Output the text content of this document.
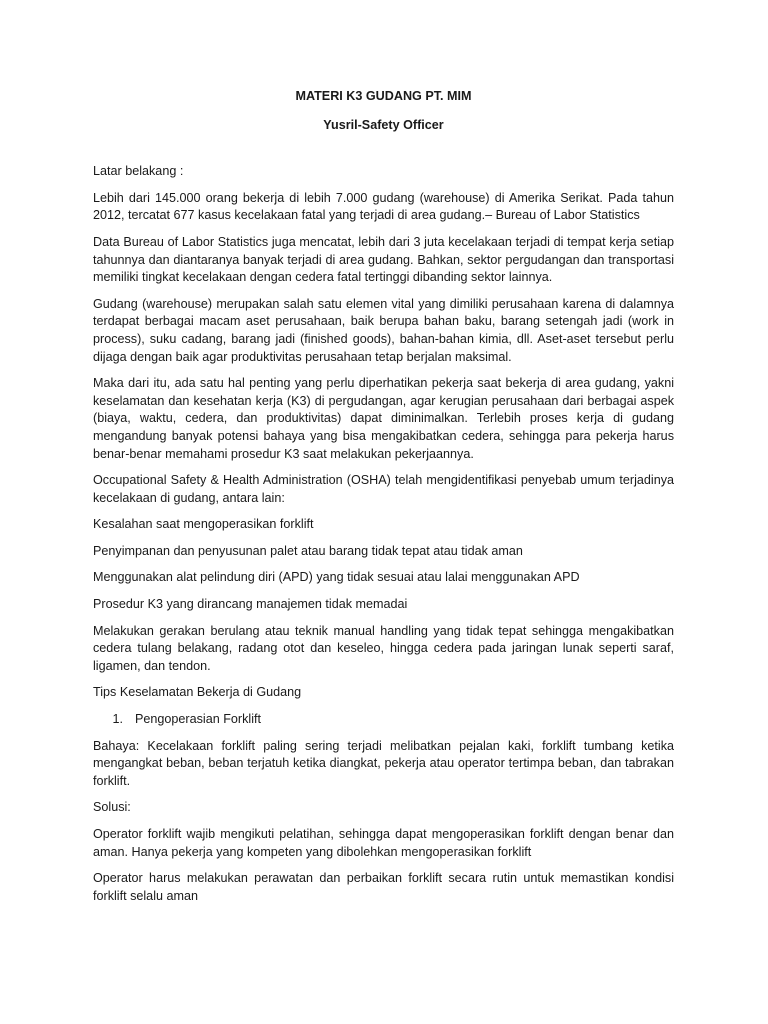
MATERI K3 GUDANG PT. MIM

Yusril-Safety Officer

Latar belakang :

Lebih dari 145.000 orang bekerja di lebih 7.000 gudang (warehouse) di Amerika Serikat. Pada tahun 2012, tercatat 677 kasus kecelakaan fatal yang terjadi di area gudang.– Bureau of Labor Statistics

Data Bureau of Labor Statistics juga mencatat, lebih dari 3 juta kecelakaan terjadi di tempat kerja setiap tahunnya dan diantaranya banyak terjadi di area gudang. Bahkan, sektor pergudangan dan transportasi memiliki tingkat kecelakaan dengan cedera fatal tertinggi dibanding sektor lainnya.

Gudang (warehouse) merupakan salah satu elemen vital yang dimiliki perusahaan karena di dalamnya terdapat berbagai macam aset perusahaan, baik berupa bahan baku, barang setengah jadi (work in process), suku cadang, barang jadi (finished goods), bahan-bahan kimia, dll. Aset-aset tersebut perlu dijaga dengan baik agar produktivitas perusahaan tetap berjalan maksimal.

Maka dari itu, ada satu hal penting yang perlu diperhatikan pekerja saat bekerja di area gudang, yakni keselamatan dan kesehatan kerja (K3) di pergudangan, agar kerugian perusahaan dari berbagai aspek (biaya, waktu, cedera, dan produktivitas) dapat diminimalkan. Terlebih proses kerja di gudang mengandung banyak potensi bahaya yang bisa mengakibatkan cedera, sehingga para pekerja harus benar-benar memahami prosedur K3 saat melakukan pekerjaannya.

Occupational Safety & Health Administration (OSHA) telah mengidentifikasi penyebab umum terjadinya kecelakaan di gudang, antara lain:

Kesalahan saat mengoperasikan forklift

Penyimpanan dan penyusunan palet atau barang tidak tepat atau tidak aman

Menggunakan alat pelindung diri (APD) yang tidak sesuai atau lalai menggunakan APD

Prosedur K3 yang dirancang manajemen tidak memadai

Melakukan gerakan berulang atau teknik manual handling yang tidak tepat sehingga mengakibatkan cedera tulang belakang, radang otot dan keseleo, hingga cedera pada jaringan lunak seperti saraf, ligamen, dan tendon.

Tips Keselamatan Bekerja di Gudang

1. Pengoperasian Forklift

Bahaya: Kecelakaan forklift paling sering terjadi melibatkan pejalan kaki, forklift tumbang ketika mengangkat beban, beban terjatuh ketika diangkat, pekerja atau operator tertimpa beban, dan tabrakan forklift.

Solusi:

Operator forklift wajib mengikuti pelatihan, sehingga dapat mengoperasikan forklift dengan benar dan aman. Hanya pekerja yang kompeten yang dibolehkan mengoperasikan forklift

Operator harus melakukan perawatan dan perbaikan forklift secara rutin untuk memastikan kondisi forklift selalu aman
